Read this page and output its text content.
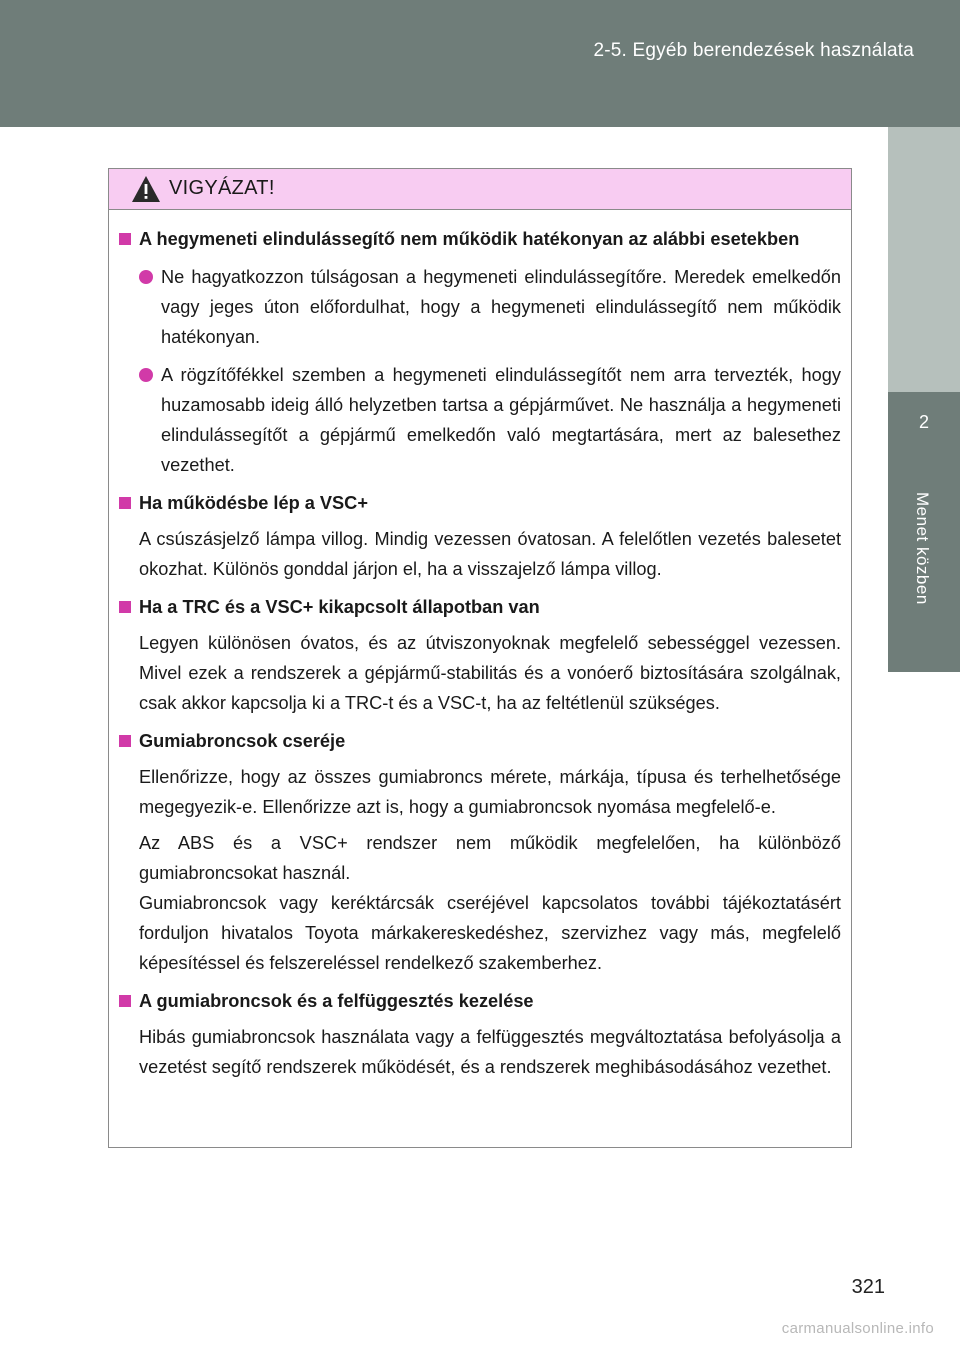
2-5. Egyéb berendezések használata
2
Menet közben
VIGYÁZAT!
A hegymeneti elindulássegítő nem működik hatékonyan az alábbi esetekben
Ne hagyatkozzon túlságosan a hegymeneti elindulássegítőre. Meredek emelkedőn vagy jeges úton előfordulhat, hogy a hegymeneti elindulássegítő nem működik hatékonyan.
A rögzítőfékkel szemben a hegymeneti elindulássegítőt nem arra tervezték, hogy huzamosabb ideig álló helyzetben tartsa a gépjárművet. Ne használja a hegymeneti elindulássegítőt a gépjármű emelkedőn való megtartására, mert az balesethez vezethet.
Ha működésbe lép a VSC+
A csúszásjelző lámpa villog. Mindig vezessen óvatosan. A felelőtlen vezetés balesetet okozhat. Különös gonddal járjon el, ha a visszajelző lámpa villog.
Ha a TRC és a VSC+ kikapcsolt állapotban van
Legyen különösen óvatos, és az útviszonyoknak megfelelő sebességgel vezessen. Mivel ezek a rendszerek a gépjármű-stabilitás és a vonóerő biztosítására szolgálnak, csak akkor kapcsolja ki a TRC-t és a VSC-t, ha az feltétlenül szükséges.
Gumiabroncsok cseréje
Ellenőrizze, hogy az összes gumiabroncs mérete, márkája, típusa és terhelhetősége megegyezik-e. Ellenőrizze azt is, hogy a gumiabroncsok nyomása megfelelő-e.
Az ABS és a VSC+ rendszer nem működik megfelelően, ha különböző gumiabroncsokat használ.
Gumiabroncsok vagy keréktárcsák cseréjével kapcsolatos további tájékoztatásért forduljon hivatalos Toyota márkakereskedéshez, szervizhez vagy más, megfelelő képesítéssel és felszereléssel rendelkező szakemberhez.
A gumiabroncsok és a felfüggesztés kezelése
Hibás gumiabroncsok használata vagy a felfüggesztés megváltoztatása befolyásolja a vezetést segítő rendszerek működését, és a rendszerek meghibásodásához vezethet.
321
carmanualsonline.info
